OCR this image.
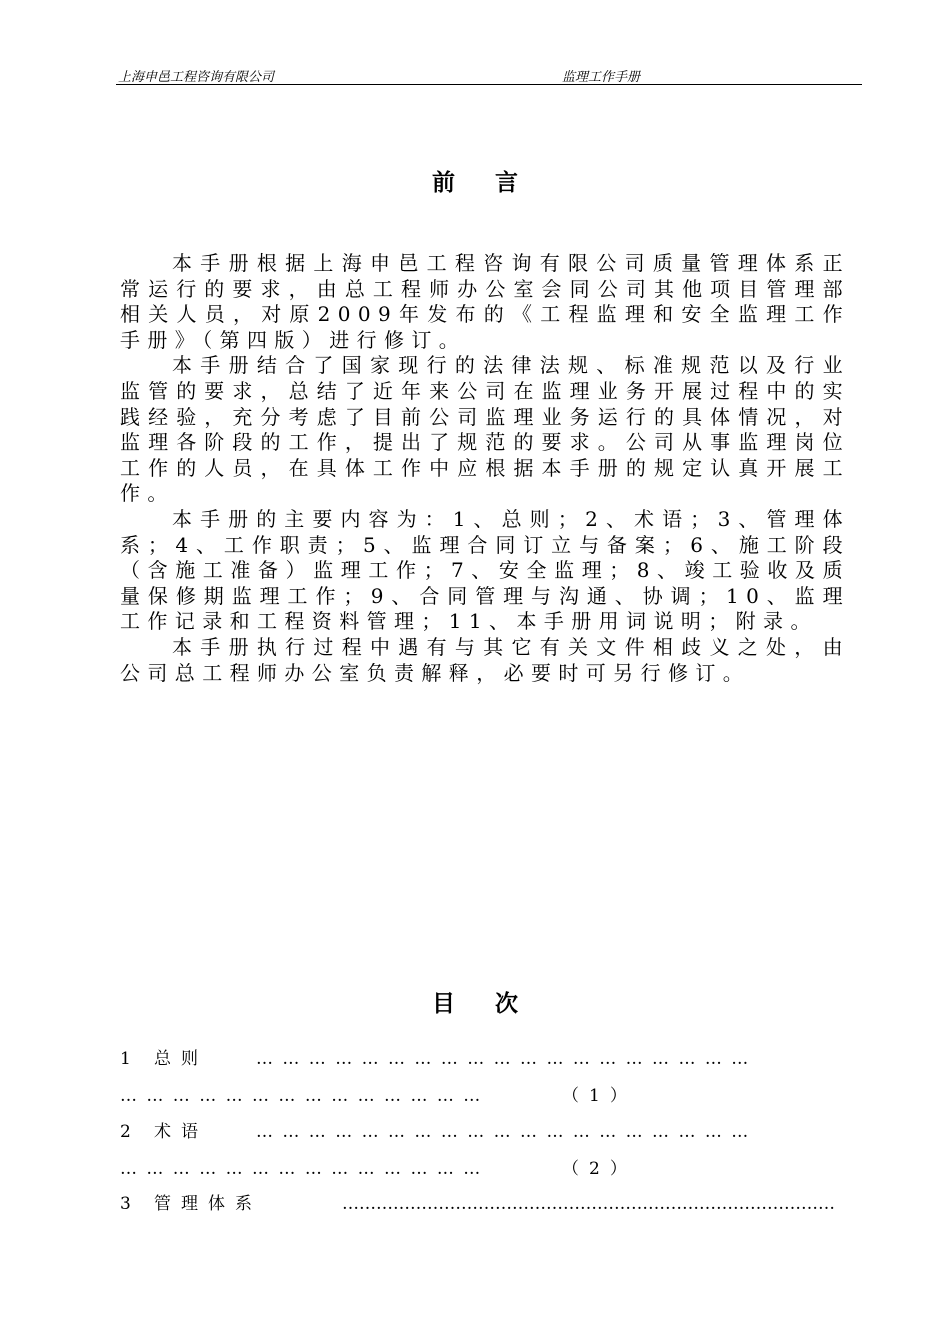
上海申邑工程咨询有限公司	监理工作手册
前言

本手册根据上海申邑工程咨询有限公司质量管理体系正常运行的要求，由总工程师办公室会同公司其他项目管理部相关人员，对原2009年发布的《工程监理和安全监理工作手册》（第四版）进行修订。

本手册结合了国家现行的法律法规、标准规范以及行业监管的要求，总结了近年来公司在监理业务开展过程中的实践经验，充分考虑了目前公司监理业务运行的具体情况，对监理各阶段的工作，提出了规范的要求。公司从事监理岗位工作的人员，在具体工作中应根据本手册的规定认真开展工作。

本手册的主要内容为：1、总则；2、术语；3、管理体系；4、工作职责；5、监理合同订立与备案；6、施工阶段（含施工准备）监理工作；7、安全监理；8、竣工验收及质量保修期监理工作；9、合同管理与沟通、协调；10、监理工作记录和工程资料管理；11、本手册用词说明；附录。

本手册执行过程中遇有与其它有关文件相歧义之处，由公司总工程师办公室负责解释，必要时可另行修订。

目次
1 总则	… … … … … … … … … … … … … … … … … … …
… … … … … … … … … … … … … …	（1）
2 术语	… … … … … … … … … … … … … … … … … … …
… … … … … … … … … … … … … …	（2）
3 管理体系	……………………………………………………………………………
